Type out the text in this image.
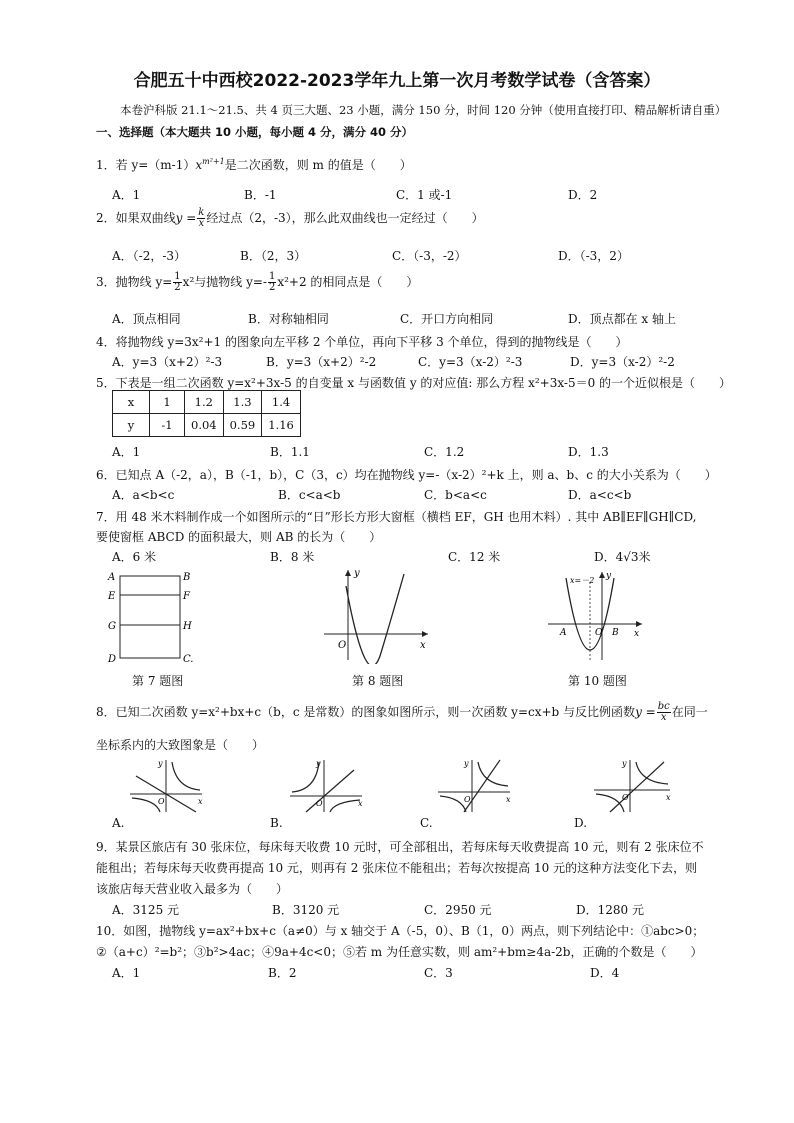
合肥五十中西校2022-2023学年九上第一次月考数学试卷（含答案）
本卷沪科版 21.1～21.5、共 4 页三大题、23 小题，满分 150 分，时间 120 分钟（使用直接打印、精品解析请自重）
一、选择题（本大题共 10 小题，每小题 4 分，满分 40 分）
1．若 $y=(m-1)x^{m^2+1}$是二次函数，则 m 的值是（　　）
A．1	B．-1	C．1 或-1	D．2
2．如果双曲线$y = \frac{k}{x}$ 经过点（2，-3），那么此双曲线也一定经过（　　）
A．（-2，-3）	B．（2，3）	C．（-3，-2）	D．（-3，2）
3．抛物线 $y= \frac{1}{2} x^2$与抛物线 $y=- \frac{1}{2} x^2+2$ 的相同点是（　　）
A．顶点相同	B．对称轴相同	C．开口方向相同	D．顶点都在 x 轴上
4．将抛物线 y=3x²+1 的图象向左平移 2 个单位，再向下平移 3 个单位，得到的抛物线是（　　）
A．y=3（x+2）²-3	B．y=3（x+2）²-2	C．y=3（x-2）²-3	D．y=3（x-2）²-2
5．下表是一组二次函数 y=x²+3x-5 的自变量 x 与函数值 y 的对应值: 那么方程 x²+3x-5＝0 的一个近似根是（　　）
x	1	1.2	1.3	1.4
y	-1	0.04	0.59	1.16
A．1	B．1.1	C．1.2	D．1.3
6．已知点 A（-2，a），B（-1，b），C（3，c）均在抛物线 y=-（x-2）²+k 上，则 a、b、c 的大小关系为（　　）
A．a<b<c	B．c<a<b	C．b<a<c	D．a<c<b
7．用 48 米木料制作成一个如图所示的“日”形长方形大窗框（横档 EF，GH 也用木料）. 其中 AB∥EF∥GH∥CD,
要使窗框 ABCD 的面积最大，则 AB 的长为（　　）
A．6 米	B．8 米	C．12 米	D．4√3米
A	B
E	F
G	H
D	C.
第 7 题图
y
x
O
第 8 题图
x=－2 y
A	O B x
第 10 题图
8．已知二次函数 y=x²+bx+c（b，c 是常数）的图象如图所示，则一次函数 y=cx+b 与反比例函数$y = \frac{bc}{x}$ 在同一
坐标系内的大致图象是（　　）
y
x
O
y
x
O
y
x
O
y
x
O
A.	B.	C.	D.
9．某景区旅店有 30 张床位，每床每天收费 10 元时，可全部租出，若每床每天收费提高 10 元，则有 2 张床位不
能租出；若每床每天收费再提高 10 元，则再有 2 张床位不能租出；若每次按提高 10 元的这种方法变化下去，则
该旅店每天营业收入最多为（　　）
A．3125 元	B．3120 元	C．2950 元	D．1280 元
10．如图，抛物线 y=ax²+bx+c（a≠0）与 x 轴交于 A（-5，0）、B（1，0）两点，则下列结论中：①abc>0；
②（a+c）²=b²；③b²>4ac；④9a+4c<0；⑤若 m 为任意实数，则 am²+bm≥4a-2b，正确的个数是（　　）
A．1	B．2	C．3	D．4
